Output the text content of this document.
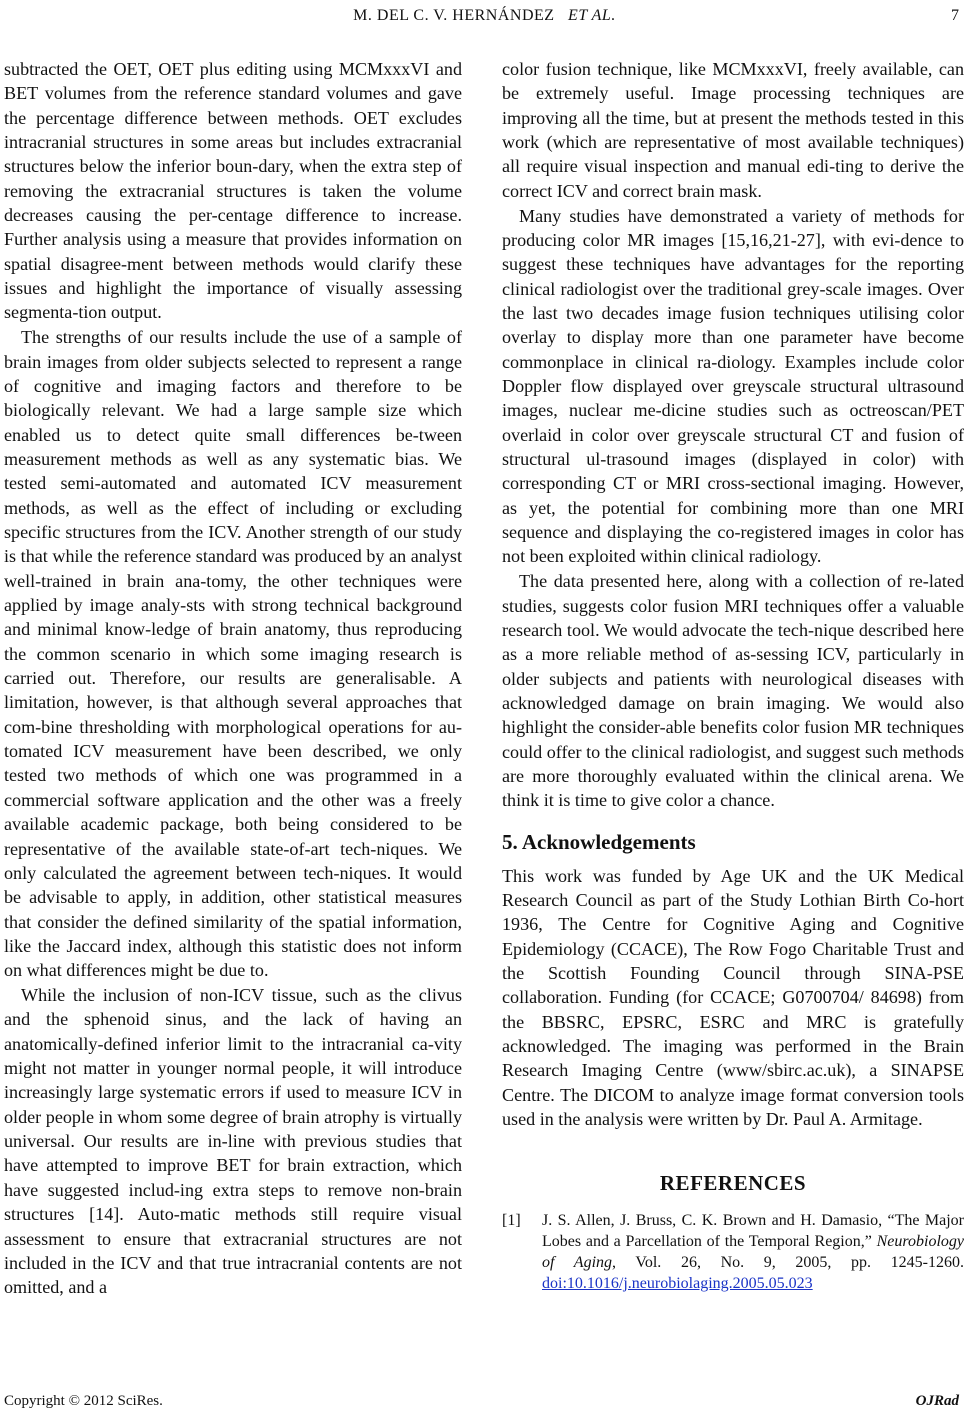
M. DEL C. V. HERNÁNDEZ ET AL.	7

subtracted the OET, OET plus editing using MCMxxxVI and BET volumes from the reference standard volumes and gave the percentage difference between methods. OET excludes intracranial structures in some areas but includes extracranial structures below the inferior boun-dary, when the extra step of removing the extracranial structures is taken the volume decreases causing the per-centage difference to increase. Further analysis using a measure that provides information on spatial disagree-ment between methods would clarify these issues and highlight the importance of visually assessing segmenta-tion output.

The strengths of our results include the use of a sample of brain images from older subjects selected to represent a range of cognitive and imaging factors and therefore to be biologically relevant. We had a large sample size which enabled us to detect quite small differences be-tween measurement methods as well as any systematic bias. We tested semi-automated and automated ICV measurement methods, as well as the effect of including or excluding specific structures from the ICV. Another strength of our study is that while the reference standard was produced by an analyst well-trained in brain ana-tomy, the other techniques were applied by image analy-sts with strong technical background and minimal know-ledge of brain anatomy, thus reproducing the common scenario in which some imaging research is carried out. Therefore, our results are generalisable. A limitation, however, is that although several approaches that com-bine thresholding with morphological operations for au-tomated ICV measurement have been described, we only tested two methods of which one was programmed in a commercial software application and the other was a freely available academic package, both being considered to be representative of the available state-of-art tech-niques. We only calculated the agreement between tech-niques. It would be advisable to apply, in addition, other statistical measures that consider the defined similarity of the spatial information, like the Jaccard index, although this statistic does not inform on what differences might be due to.

While the inclusion of non-ICV tissue, such as the clivus and the sphenoid sinus, and the lack of having an anatomically-defined inferior limit to the intracranial ca-vity might not matter in younger normal people, it will introduce increasingly large systematic errors if used to measure ICV in older people in whom some degree of brain atrophy is virtually universal. Our results are in-line with previous studies that have attempted to improve BET for brain extraction, which have suggested includ-ing extra steps to remove non-brain structures [14]. Auto-matic methods still require visual assessment to ensure that extracranial structures are not included in the ICV and that true intracranial contents are not omitted, and a

color fusion technique, like MCMxxxVI, freely available, can be extremely useful. Image processing techniques are improving all the time, but at present the methods tested in this work (which are representative of most available techniques) all require visual inspection and manual edi-ting to derive the correct ICV and correct brain mask.

Many studies have demonstrated a variety of methods for producing color MR images [15,16,21-27], with evi-dence to suggest these techniques have advantages for the reporting clinical radiologist over the traditional grey-scale images. Over the last two decades image fusion techniques utilising color overlay to display more than one parameter have become commonplace in clinical ra-diology. Examples include color Doppler flow displayed over greyscale structural ultrasound images, nuclear me-dicine studies such as octreoscan/PET overlaid in color over greyscale structural CT and fusion of structural ul-trasound images (displayed in color) with corresponding CT or MRI cross-sectional imaging. However, as yet, the potential for combining more than one MRI sequence and displaying the co-registered images in color has not been exploited within clinical radiology.

The data presented here, along with a collection of re-lated studies, suggests color fusion MRI techniques offer a valuable research tool. We would advocate the tech-nique described here as a more reliable method of as-sessing ICV, particularly in older subjects and patients with neurological diseases with acknowledged damage on brain imaging. We would also highlight the consider-able benefits color fusion MR techniques could offer to the clinical radiologist, and suggest such methods are more thoroughly evaluated within the clinical arena. We think it is time to give color a chance.

5. Acknowledgements

This work was funded by Age UK and the UK Medical Research Council as part of the Study Lothian Birth Co-hort 1936, The Centre for Cognitive Aging and Cognitive Epidemiology (CCACE), The Row Fogo Charitable Trust and the Scottish Founding Council through SINA-PSE collaboration. Funding (for CCACE; G0700704/ 84698) from the BBSRC, EPSRC, ESRC and MRC is gratefully acknowledged. The imaging was performed in the Brain Research Imaging Centre (www/sbirc.ac.uk), a SINAPSE Centre. The DICOM to analyze image format conversion tools used in the analysis were written by Dr. Paul A. Armitage.

REFERENCES
[1]	J. S. Allen, J. Bruss, C. K. Brown and H. Damasio, “The Major Lobes and a Parcellation of the Temporal Region,” Neurobiology of Aging, Vol. 26, No. 9, 2005, pp. 1245-1260. doi:10.1016/j.neurobiolaging.2005.05.023
Copyright © 2012 SciRes.	OJRad
